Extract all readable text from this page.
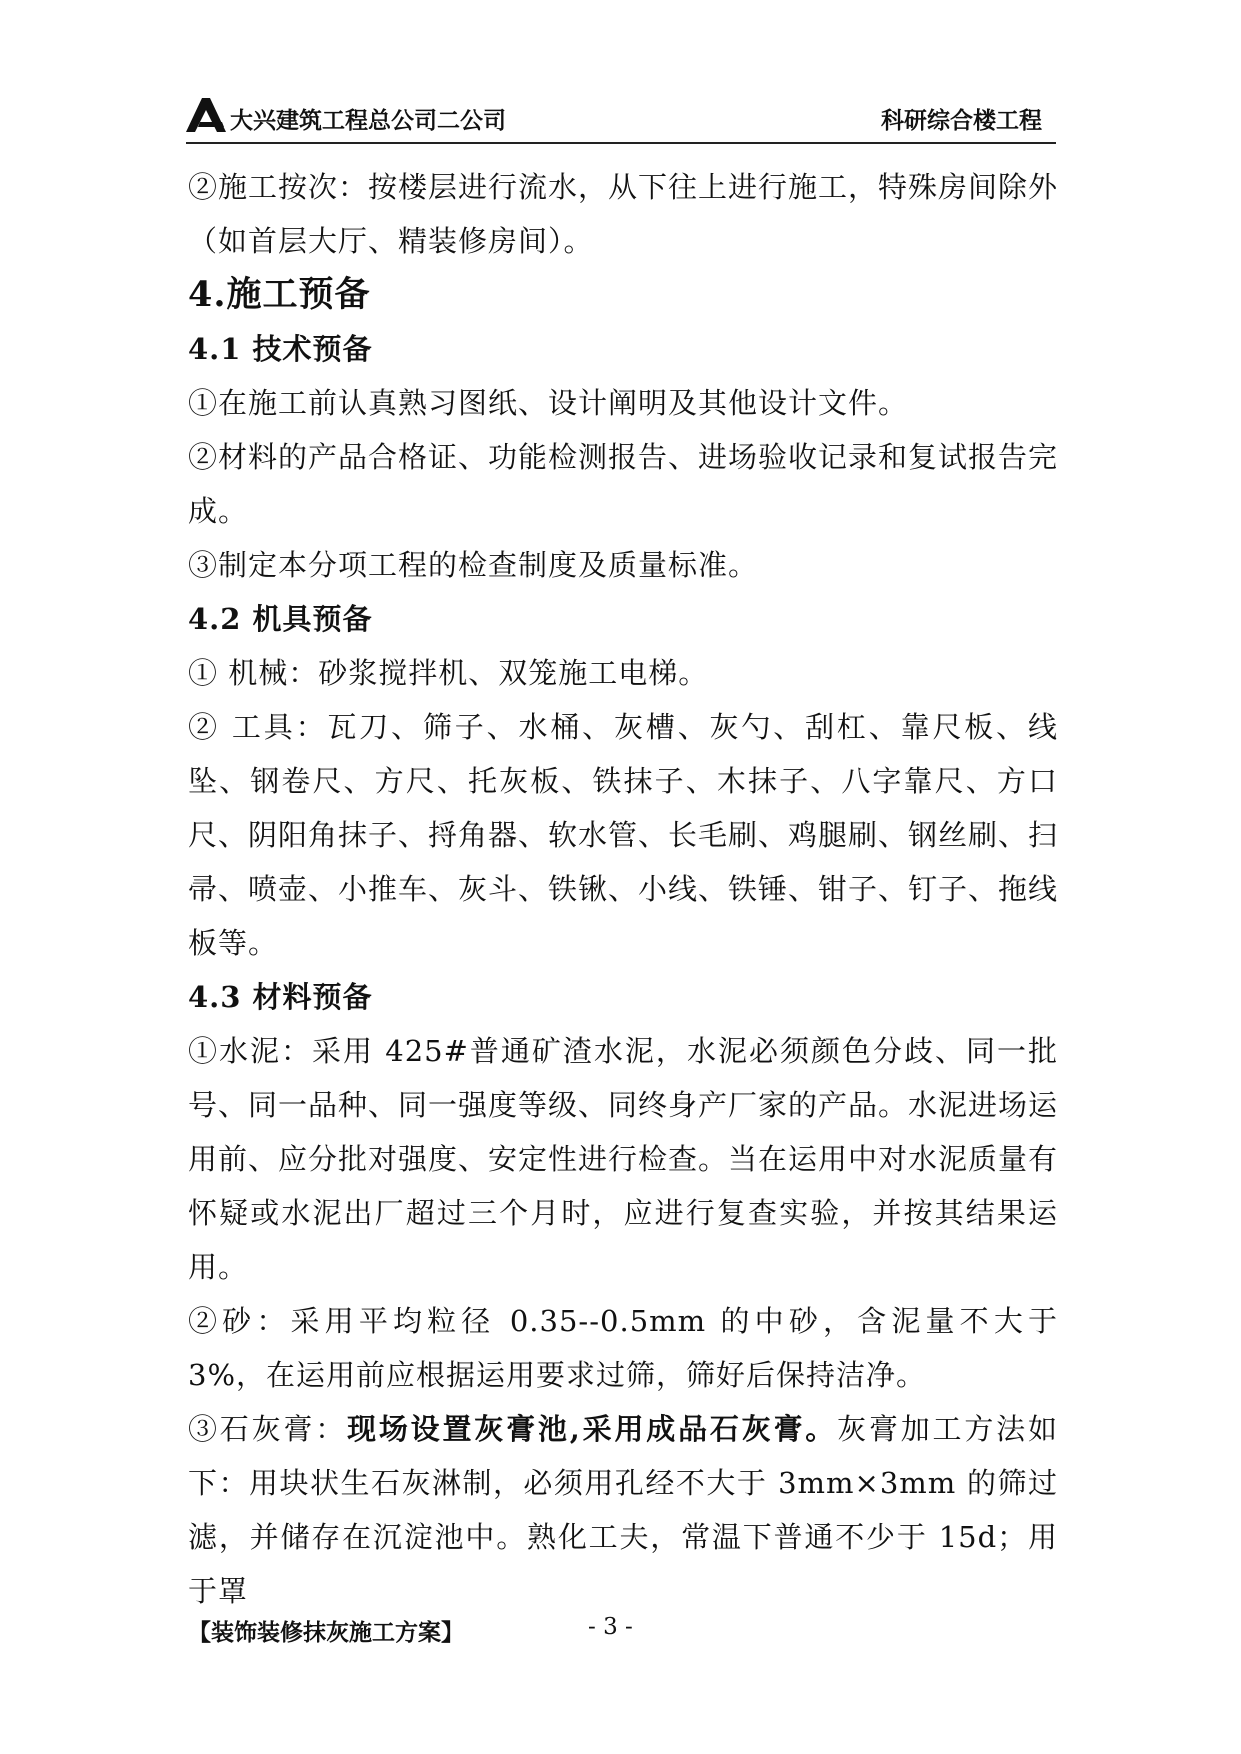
大兴建筑工程总公司二公司	科研综合楼工程

②施工按次：按楼层进行流水，从下往上进行施工，特殊房间除外（如首层大厅、精装修房间）。

4.施工预备
4.1 技术预备

①在施工前认真熟习图纸、设计阐明及其他设计文件。

②材料的产品合格证、功能检测报告、进场验收记录和复试报告完成。

③制定本分项工程的检查制度及质量标准。

4.2 机具预备

① 机械：砂浆搅拌机、双笼施工电梯。

② 工具：瓦刀、筛子、水桶、灰槽、灰勺、刮杠、靠尺板、线坠、钢卷尺、方尺、托灰板、铁抹子、木抹子、八字靠尺、方口尺、阴阳角抹子、捋角器、软水管、长毛刷、鸡腿刷、钢丝刷、扫帚、喷壶、小推车、灰斗、铁锹、小线、铁锤、钳子、钉子、拖线板等。

4.3 材料预备

①水泥：采用 425#普通矿渣水泥，水泥必须颜色分歧、同一批号、同一品种、同一强度等级、同终身产厂家的产品。水泥进场运用前、应分批对强度、安定性进行检查。当在运用中对水泥质量有怀疑或水泥出厂超过三个月时，应进行复查实验，并按其结果运用。

②砂：采用平均粒径 0.35--0.5mm 的中砂，含泥量不大于 3%，在运用前应根据运用要求过筛，筛好后保持洁净。

③石灰膏：现场设置灰膏池,采用成品石灰膏。灰膏加工方法如下：用块状生石灰淋制，必须用孔经不大于 3mm×3mm 的筛过滤，并储存在沉淀池中。熟化工夫，常温下普通不少于 15d；用于罩

【装饰装修抹灰施工方案】	- 3 -
